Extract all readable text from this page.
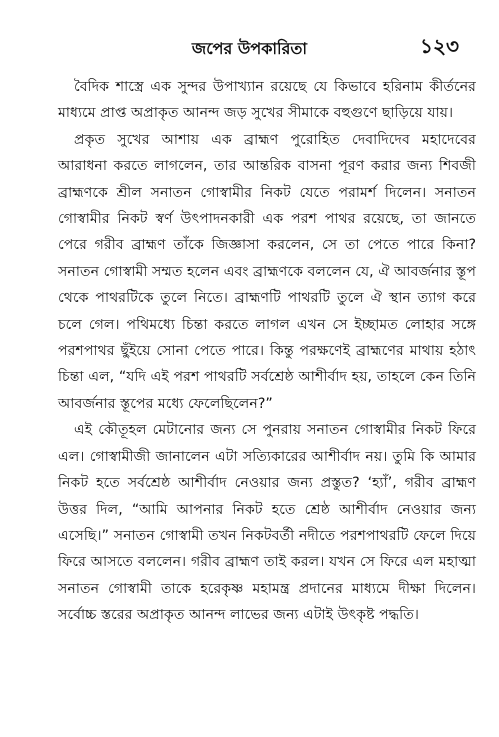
জপের উপকারিতা	১২৩

বৈদিক শাস্ত্রে এক সুন্দর উপাখ্যান রয়েছে যে কিভাবে হরিনাম কীর্তনের মাধ্যমে প্রাপ্ত অপ্রাকৃত আনন্দ জড় সুখের সীমাকে বহুগুণে ছাড়িয়ে যায়।

প্রকৃত সুখের আশায় এক ব্রাহ্মণ পুরোহিত দেবাদিদেব মহাদেবের আরাধনা করতে লাগলেন, তার আন্তরিক বাসনা পূরণ করার জন্য শিবজী ব্রাহ্মণকে শ্রীল সনাতন গোস্বামীর নিকট যেতে পরামর্শ দিলেন। সনাতন গোস্বামীর নিকট স্বর্ণ উৎপাদনকারী এক পরশ পাথর রয়েছে, তা জানতে পেরে গরীব ব্রাহ্মণ তাঁকে জিজ্ঞাসা করলেন, সে তা পেতে পারে কিনা? সনাতন গোস্বামী সম্মত হলেন এবং ব্রাহ্মণকে বললেন যে, ঐ আবর্জনার স্তূপ থেকে পাথরটিকে তুলে নিতে। ব্রাহ্মণটি পাথরটি তুলে ঐ স্থান ত্যাগ করে চলে গেল। পথিমধ্যে চিন্তা করতে লাগল এখন সে ইচ্ছামত লোহার সঙ্গে পরশপাথর ছুঁইয়ে সোনা পেতে পারে। কিন্তু পরক্ষণেই ব্রাহ্মণের মাথায় হঠাৎ চিন্তা এল, “যদি এই পরশ পাথরটি সর্বশ্রেষ্ঠ আশীর্বাদ হয়, তাহলে কেন তিনি আবর্জনার স্তূপের মধ্যে ফেলেছিলেন?”

এই কৌতূহল মেটানোর জন্য সে পুনরায় সনাতন গোস্বামীর নিকট ফিরে এল। গোস্বামীজী জানালেন এটা সত্যিকারের আশীর্বাদ নয়। তুমি কি আমার নিকট হতে সর্বশ্রেষ্ঠ আশীর্বাদ নেওয়ার জন্য প্রস্তুত? ‘হ্যাঁ’, গরীব ব্রাহ্মণ উত্তর দিল, “আমি আপনার নিকট হতে শ্রেষ্ঠ আশীর্বাদ নেওয়ার জন্য এসেছি।” সনাতন গোস্বামী তখন নিকটবর্তী নদীতে পরশপাথরটি ফেলে দিয়ে ফিরে আসতে বললেন। গরীব ব্রাহ্মণ তাই করল। যখন সে ফিরে এল মহাত্মা সনাতন গোস্বামী তাকে হরেকৃষ্ণ মহামন্ত্র প্রদানের মাধ্যমে দীক্ষা দিলেন। সর্বোচ্চ স্তরের অপ্রাকৃত আনন্দ লাভের জন্য এটাই উৎকৃষ্ট পদ্ধতি।
